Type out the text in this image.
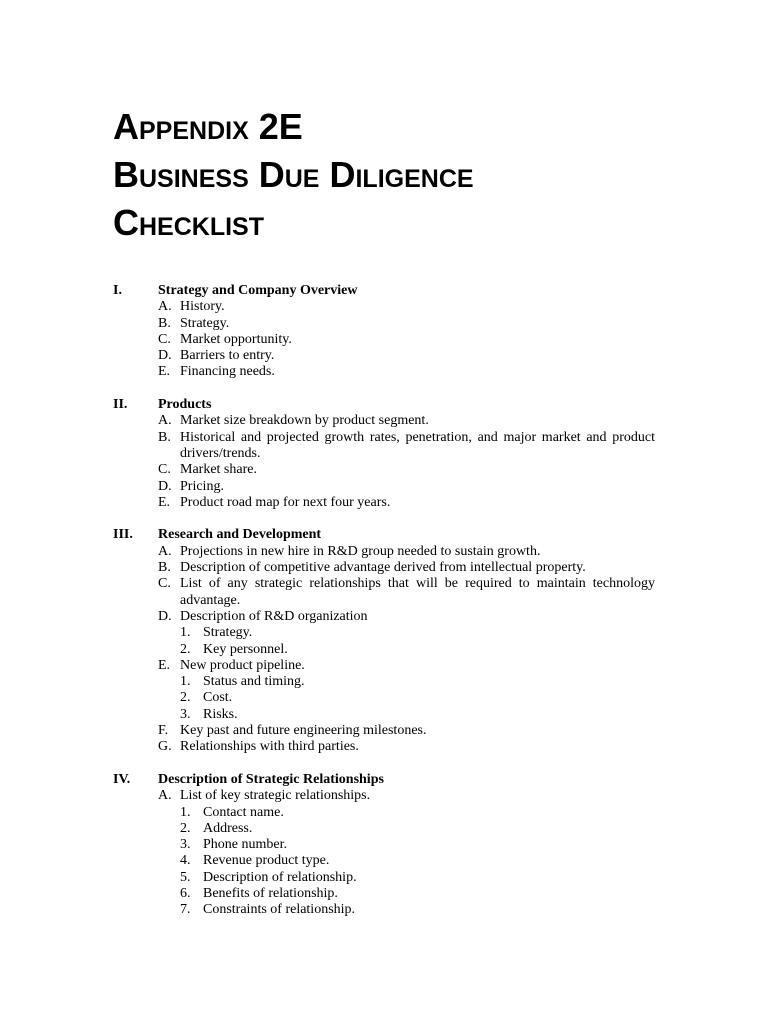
Appendix 2E
Business Due Diligence
Checklist
I.	Strategy and Company Overview
A. History.
B. Strategy.
C. Market opportunity.
D. Barriers to entry.
E. Financing needs.
II.	Products
A. Market size breakdown by product segment.
B. Historical and projected growth rates, penetration, and major market and product drivers/trends.
C. Market share.
D. Pricing.
E. Product road map for next four years.
III.	Research and Development
A. Projections in new hire in R&D group needed to sustain growth.
B. Description of competitive advantage derived from intellectual property.
C. List of any strategic relationships that will be required to maintain technology advantage.
D. Description of R&D organization
1. Strategy.
2. Key personnel.
E. New product pipeline.
1. Status and timing.
2. Cost.
3. Risks.
F. Key past and future engineering milestones.
G. Relationships with third parties.
IV.	Description of Strategic Relationships
A. List of key strategic relationships.
1. Contact name.
2. Address.
3. Phone number.
4. Revenue product type.
5. Description of relationship.
6. Benefits of relationship.
7. Constraints of relationship.
